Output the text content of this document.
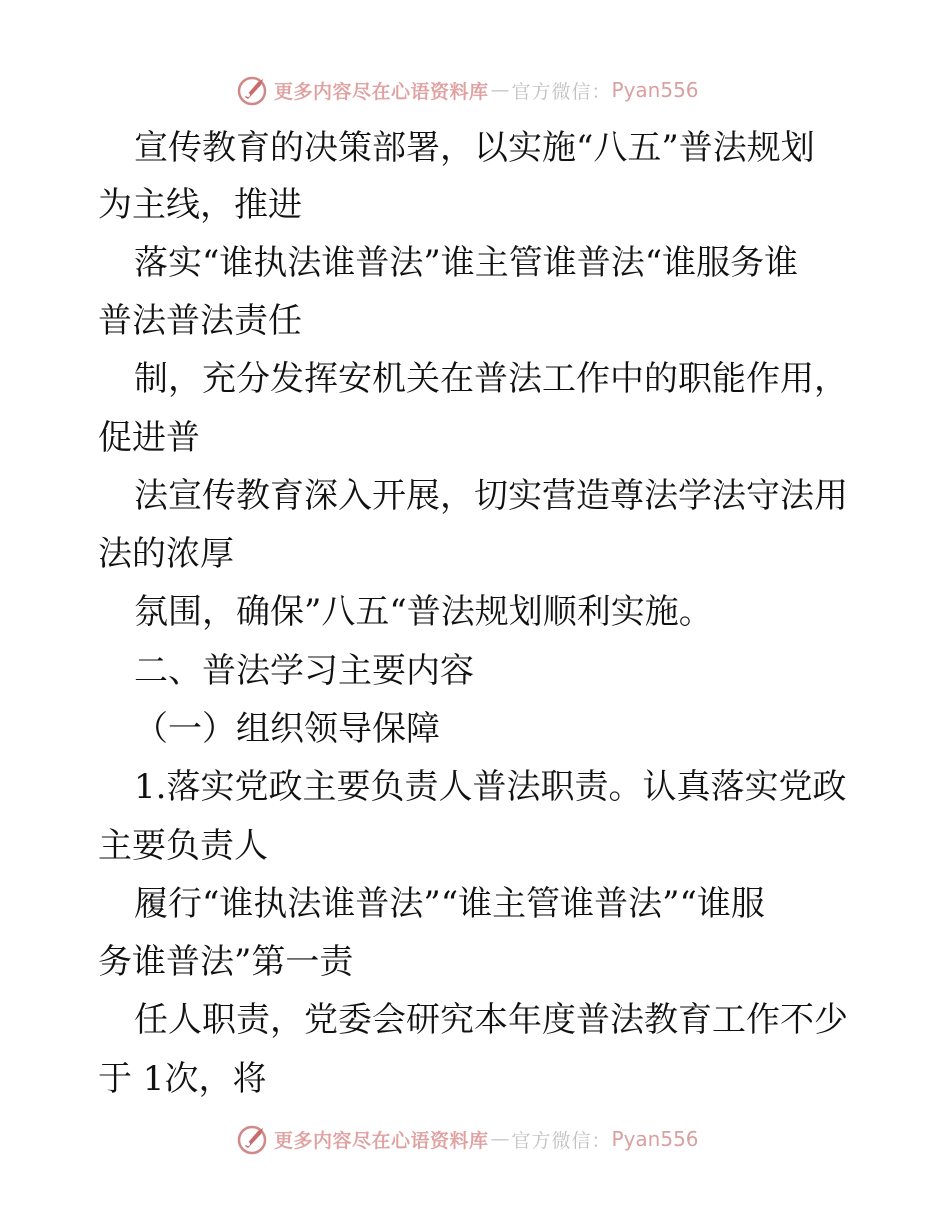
更多内容尽在心语资料库 — 官方微信： Pyan556
宣传教育的决策部署，以实施“八五”普法规划
为主线，推进
落实“谁执法谁普法”谁主管谁普法“谁服务谁
普法普法责任
制，充分发挥安机关在普法工作中的职能作用，
促进普
法宣传教育深入开展，切实营造尊法学法守法用
法的浓厚
氛围，确保”八五“普法规划顺利实施。
二、普法学习主要内容
（一）组织领导保障
1.落实党政主要负责人普法职责。认真落实党政
主要负责人
履行“谁执法谁普法”“谁主管谁普法”“谁服
务谁普法”第一责
任人职责，党委会研究本年度普法教育工作不少
于 1次，将
更多内容尽在心语资料库 — 官方微信： Pyan556
